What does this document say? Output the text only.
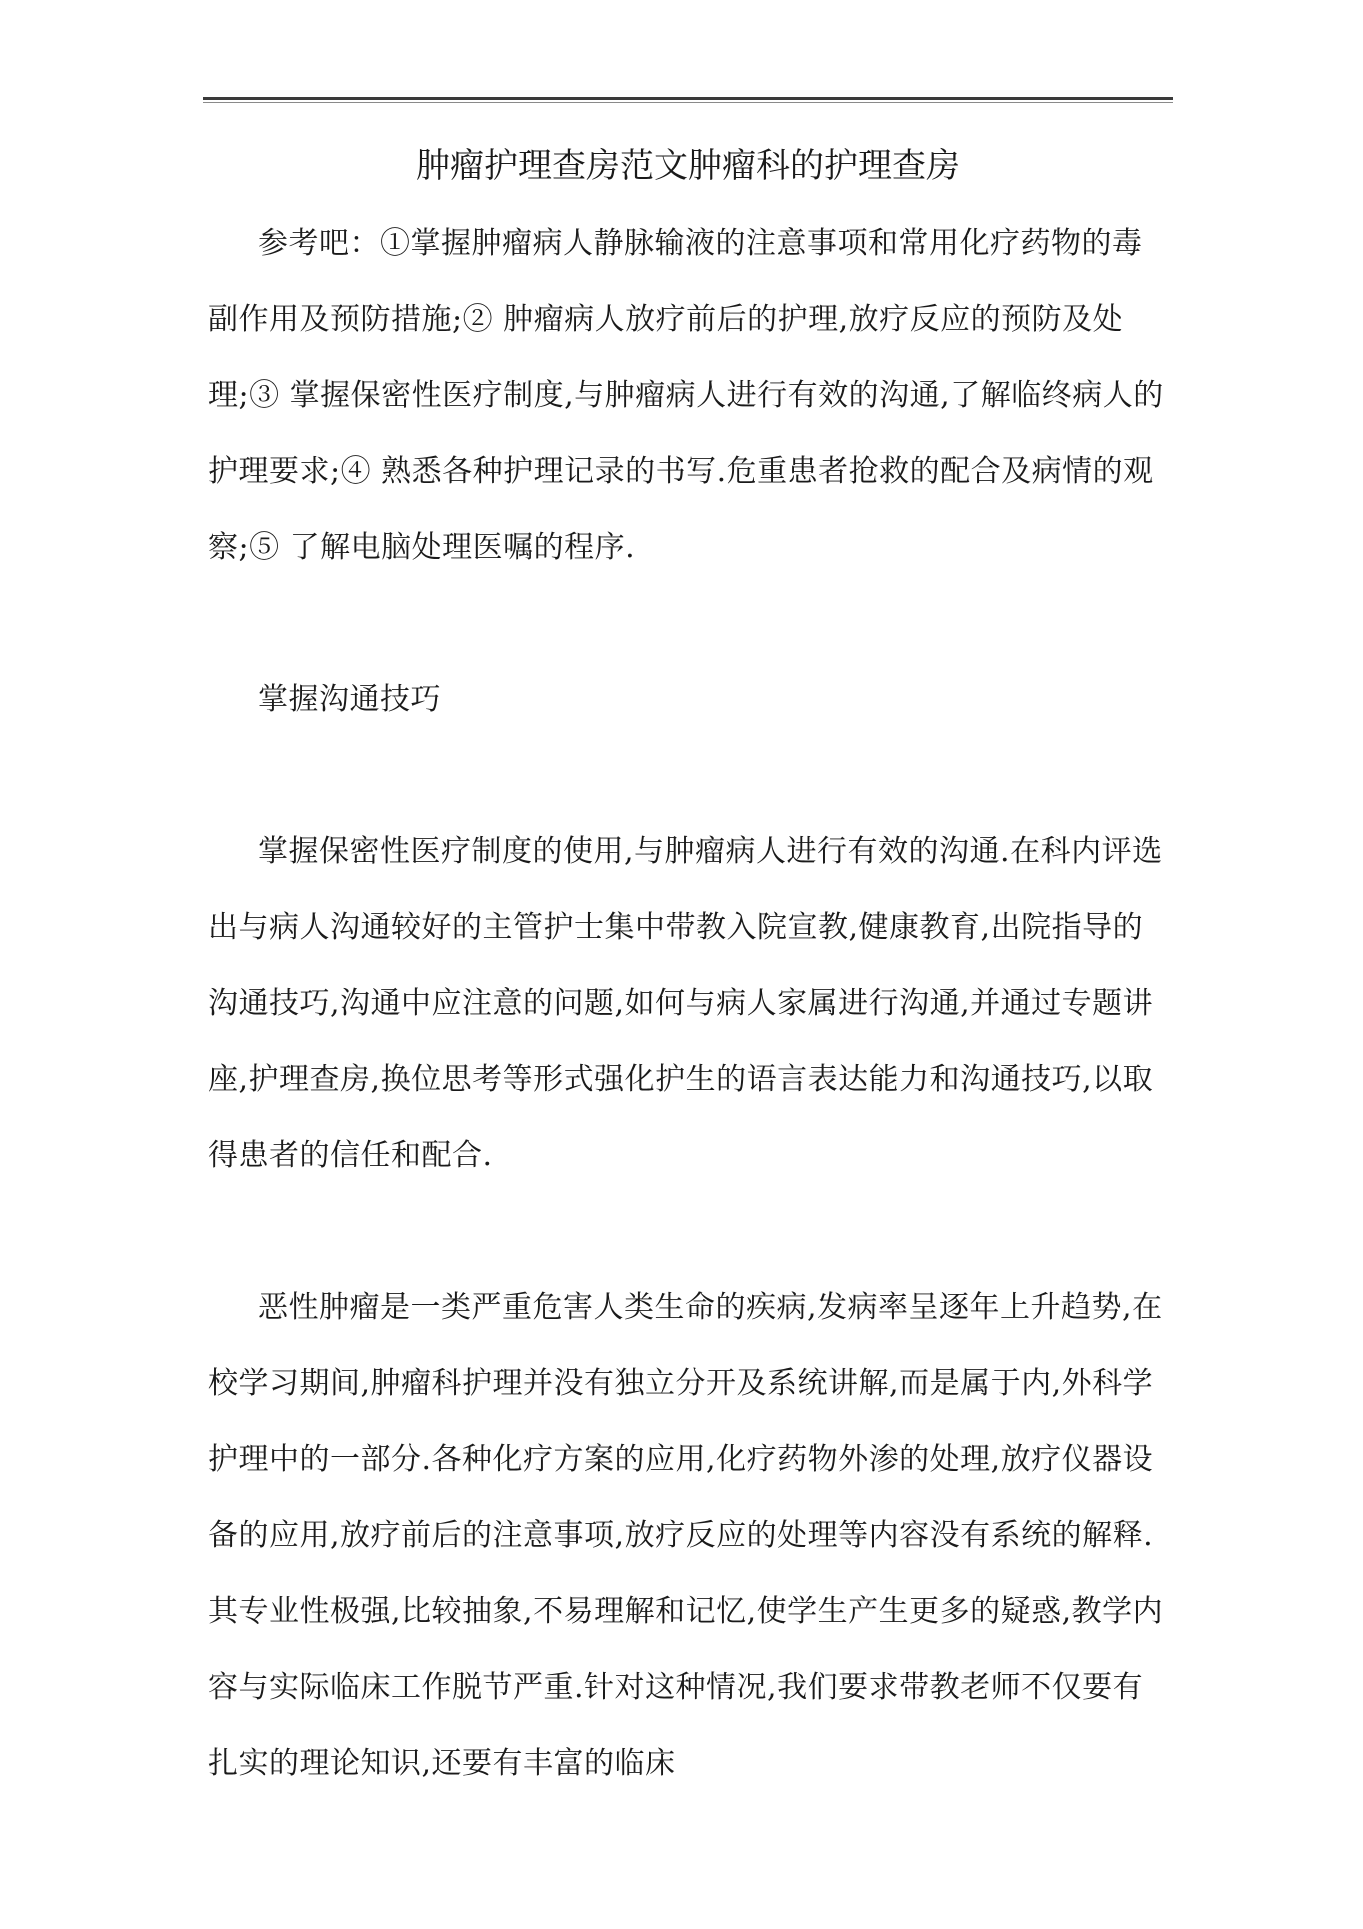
肿瘤护理查房范文肿瘤科的护理查房

参考吧：①掌握肿瘤病人静脉输液的注意事项和常用化疗药物的毒副作用及预防措施;② 肿瘤病人放疗前后的护理,放疗反应的预防及处理;③ 掌握保密性医疗制度,与肿瘤病人进行有效的沟通,了解临终病人的护理要求;④ 熟悉各种护理记录的书写.危重患者抢救的配合及病情的观察;⑤ 了解电脑处理医嘱的程序.

掌握沟通技巧

掌握保密性医疗制度的使用,与肿瘤病人进行有效的沟通.在科内评选出与病人沟通较好的主管护士集中带教入院宣教,健康教育,出院指导的沟通技巧,沟通中应注意的问题,如何与病人家属进行沟通,并通过专题讲座,护理查房,换位思考等形式强化护生的语言表达能力和沟通技巧,以取得患者的信任和配合.

恶性肿瘤是一类严重危害人类生命的疾病,发病率呈逐年上升趋势,在校学习期间,肿瘤科护理并没有独立分开及系统讲解,而是属于内,外科学护理中的一部分.各种化疗方案的应用,化疗药物外渗的处理,放疗仪器设备的应用,放疗前后的注意事项,放疗反应的处理等内容没有系统的解释.其专业性极强,比较抽象,不易理解和记忆,使学生产生更多的疑惑,教学内容与实际临床工作脱节严重.针对这种情况,我们要求带教老师不仅要有扎实的理论知识,还要有丰富的临床
